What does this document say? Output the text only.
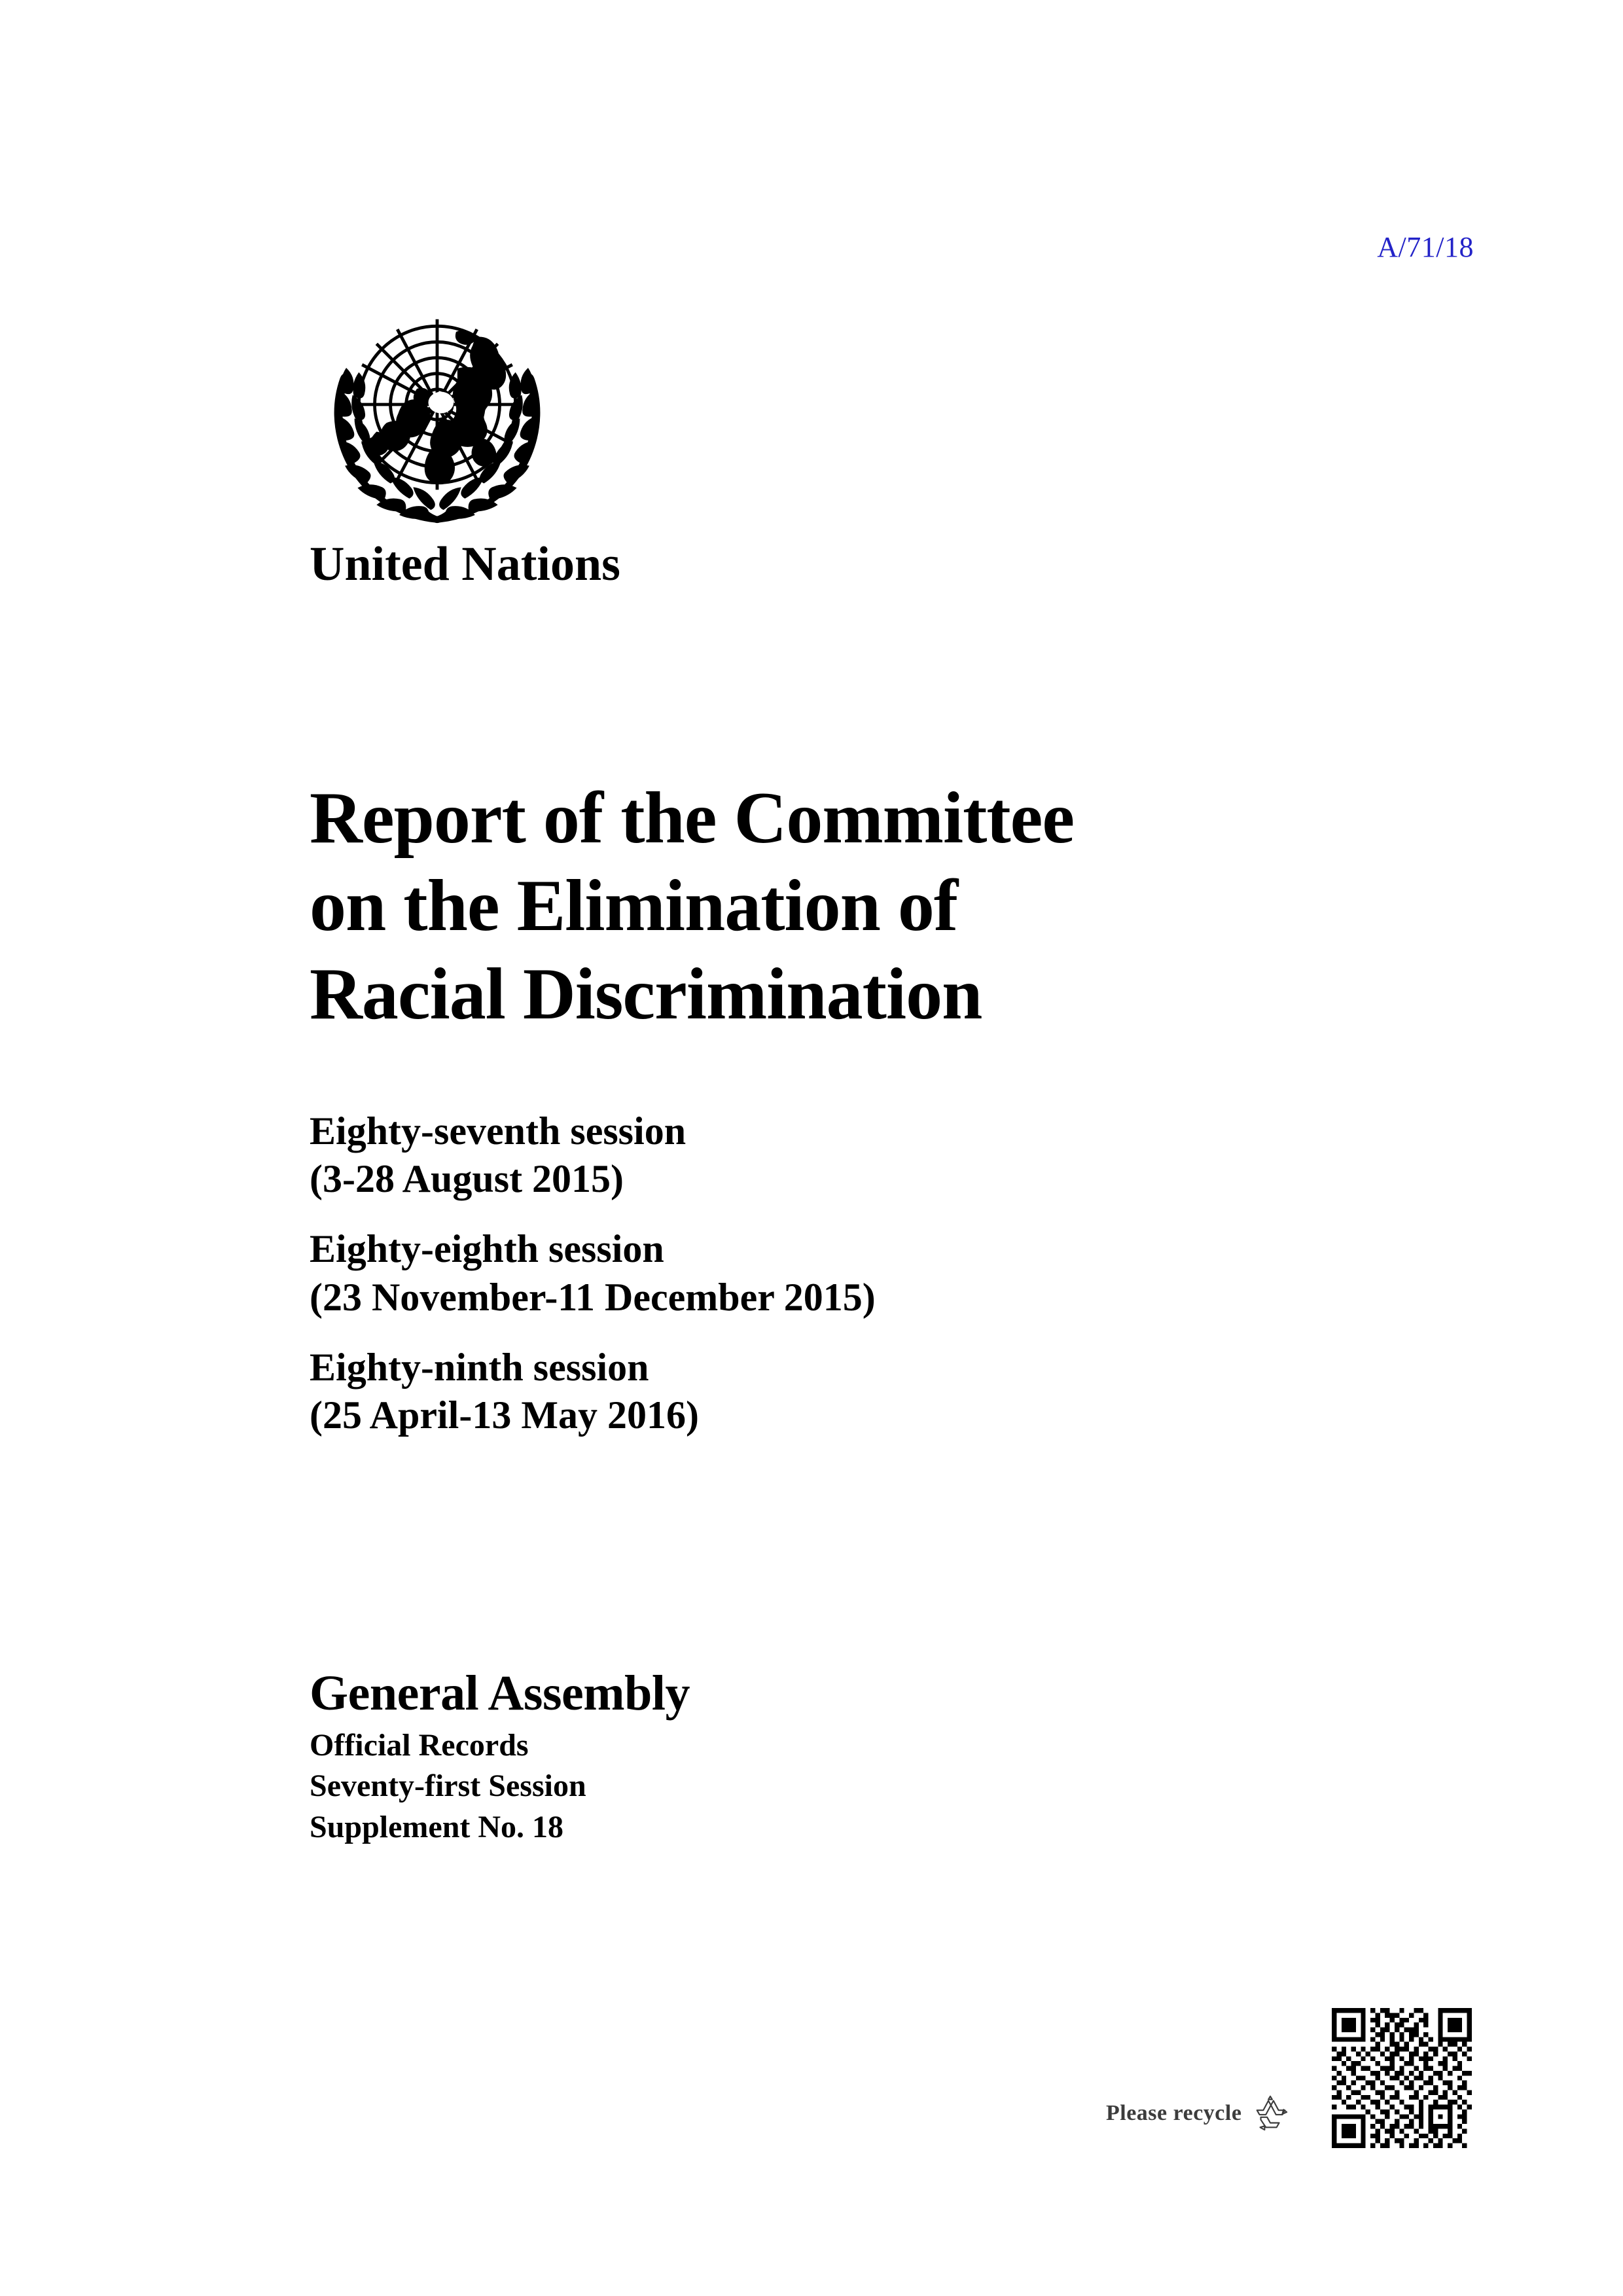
A/71/18
United Nations
Report of the Committee
on the Elimination of
Racial Discrimination
Eighty-seventh session
(3-28 August 2015)
Eighty-eighth session
(23 November-11 December 2015)
Eighty-ninth session
(25 April-13 May 2016)
General Assembly
Official Records
Seventy-first Session
Supplement No. 18
Please recycle
